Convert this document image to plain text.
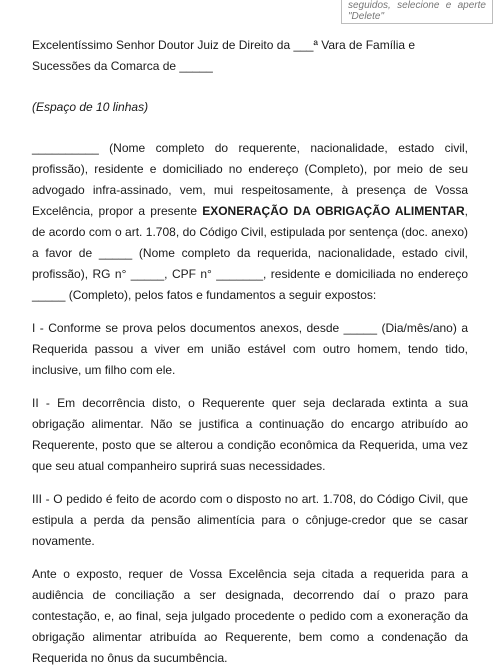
seguidos, selecione e aperte
"Delete"

Excelentíssimo Senhor Doutor Juiz de Direito da ___ª Vara de Família e Sucessões da Comarca de _____

(Espaço de 10 linhas)

__________ (Nome completo do requerente, nacionalidade, estado civil, profissão), residente e domiciliado no endereço (Completo), por meio de seu advogado infra-assinado, vem, mui respeitosamente, à presença de Vossa Excelência, propor a presente EXONERAÇÃO DA OBRIGAÇÃO ALIMENTAR, de acordo com o art. 1.708, do Código Civil, estipulada por sentença (doc. anexo) a favor de _____ (Nome completo da requerida, nacionalidade, estado civil, profissão), RG n° _____, CPF n° _______, residente e domiciliada no endereço _____ (Completo), pelos fatos e fundamentos a seguir expostos:

I - Conforme se prova pelos documentos anexos, desde _____ (Dia/mês/ano) a Requerida passou a viver em união estável com outro homem, tendo tido, inclusive, um filho com ele.

II - Em decorrência disto, o Requerente quer seja declarada extinta a sua obrigação alimentar. Não se justifica a continuação do encargo atribuído ao Requerente, posto que se alterou a condição econômica da Requerida, uma vez que seu atual companheiro suprirá suas necessidades.

III - O pedido é feito de acordo com o disposto no art. 1.708, do Código Civil, que estipula a perda da pensão alimentícia para o cônjuge-credor que se casar novamente.

Ante o exposto, requer de Vossa Excelência seja citada a requerida para a audiência de conciliação a ser designada, decorrendo daí o prazo para contestação, e, ao final, seja julgado procedente o pedido com a exoneração da obrigação alimentar atribuída ao Requerente, bem como a condenação da Requerida no ônus da sucumbência.
